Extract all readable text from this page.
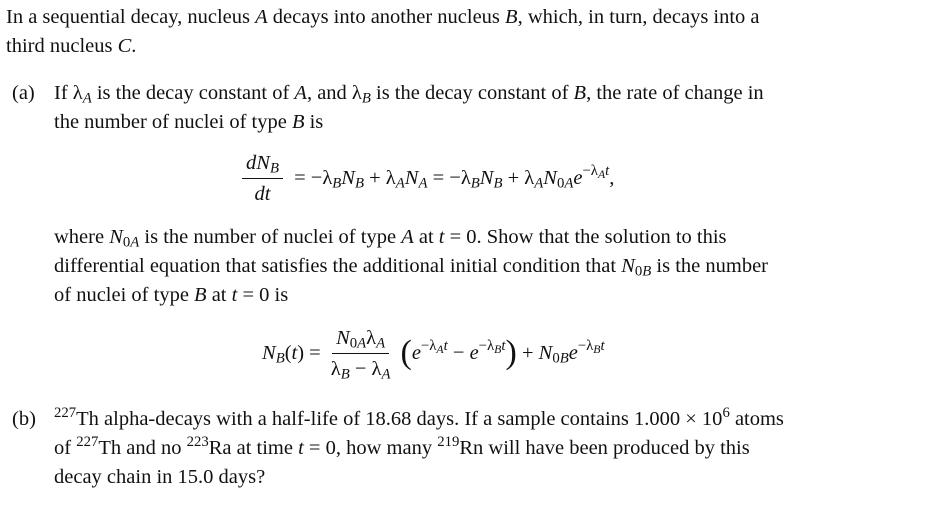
In a sequential decay, nucleus A decays into another nucleus B, which, in turn, decays into a
third nucleus C.
(a) If $\lambda_A$ is the decay constant of A, and $\lambda_B$ is the decay constant of B, the rate of change in
the number of nuclei of type B is
$\frac{dN_B}{dt} = -\lambda_BN_B + \lambda_AN_A = -\lambda_BN_B + \lambda_AN_{0A}e^{-\lambda_At}$,
where $N_{0A}$ is the number of nuclei of type A at t = 0. Show that the solution to this
differential equation that satisfies the additional initial condition that $N_{0B}$ is the number
of nuclei of type B at t = 0 is
$N_B(t) = \frac{N_{0A}\lambda_A}{\lambda_B - \lambda_A}$ ( $e^{-\lambda_At} - e^{-\lambda_Bt}$ ) + $N_{0B}e^{-\lambda_Bt}$
(b) $^{227}$Th alpha-decays with a half-life of 18.68 days. If a sample contains $1.000 \times 10^6$ atoms
of $^{227}$Th and no $^{223}$Ra at time t = 0, how many $^{219}$Rn will have been produced by this
decay chain in 15.0 days?
